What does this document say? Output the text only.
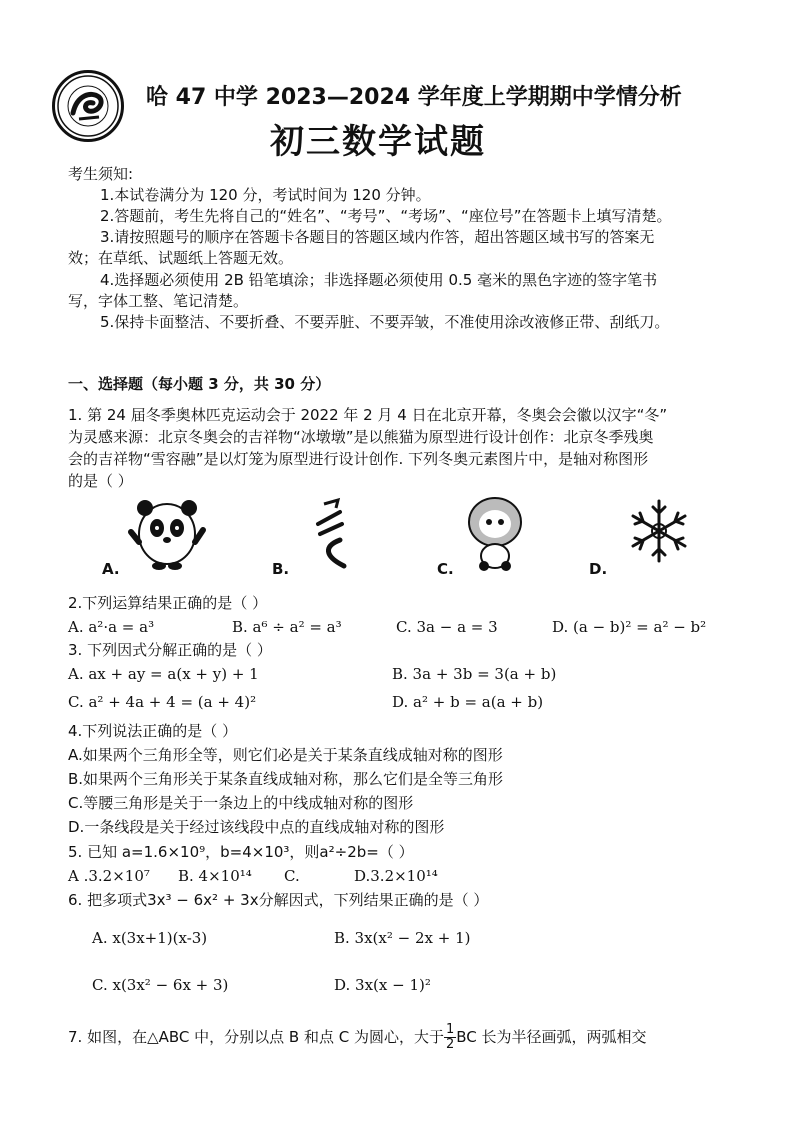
哈 47 中学 2023—2024 学年度上学期期中学情分析
初三数学试题
考生须知:
1.本试卷满分为 120 分，考试时间为 120 分钟。
2.答题前，考生先将自己的“姓名”、“考号”、“考场”、“座位号”在答题卡上填写清楚。
3.请按照题号的顺序在答题卡各题目的答题区域内作答，超出答题区域书写的答案无
效；在草纸、试题纸上答题无效。
4.选择题必须使用 2B 铅笔填涂；非选择题必须使用 0.5 毫米的黑色字迹的签字笔书
写，字体工整、笔记清楚。
5.保持卡面整洁、不要折叠、不要弄脏、不要弄皱，不准使用涂改液修正带、刮纸刀。
一、选择题（每小题 3 分，共 30 分）
1. 第 24 届冬季奥林匹克运动会于 2022 年 2 月 4 日在北京开幕，冬奥会会徽以汉字“冬”
为灵感来源：北京冬奥会的吉祥物“冰墩墩”是以熊猫为原型进行设计创作：北京冬季残奥
会的吉祥物“雪容融”是以灯笼为原型进行设计创作. 下列冬奥元素图片中，是轴对称图形
的是（ ）
A.	B.	C.	D.
2.下列运算结果正确的是（ ）
A. a²·a = a³	B. a⁶ ÷ a² = a³	C. 3a − a = 3	D. (a − b)² = a² − b²
3. 下列因式分解正确的是（ ）
A. ax + ay = a(x + y) + 1	B. 3a + 3b = 3(a + b)
C. a² + 4a + 4 = (a + 4)²	D. a² + b = a(a + b)
4.下列说法正确的是（ ）
A.如果两个三角形全等，则它们必是关于某条直线成轴对称的图形
B.如果两个三角形关于某条直线成轴对称，那么它们是全等三角形
C.等腰三角形是关于一条边上的中线成轴对称的图形
D.一条线段是关于经过该线段中点的直线成轴对称的图形
5. 已知 a=1.6×10⁹，b=4×10³，则a²÷2b=（ ）
A .3.2×10⁷ B. 4×10¹⁴ C.	D.3.2×10¹⁴
6. 把多项式3x³ − 6x² + 3x分解因式，下列结果正确的是（ ）
A. x(3x+1)(x-3)	B. 3x(x² − 2x + 1)
C. x(3x² − 6x + 3)	D. 3x(x − 1)²
7. 如图，在△ABC 中，分别以点 B 和点 C 为圆心，大于 $\frac{1}{2}$ BC 长为半径画弧，两弧相交
